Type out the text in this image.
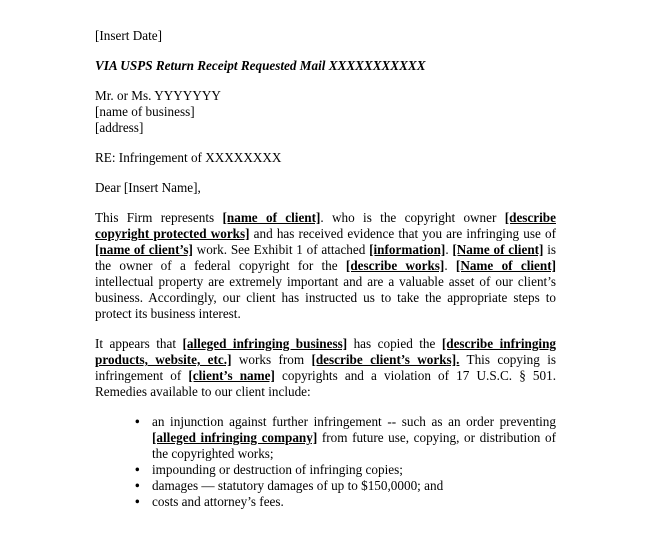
[Insert Date]
VIA USPS Return Receipt Requested Mail XXXXXXXXXXX
Mr. or Ms. YYYYYYY
[name of business]
[address]
RE: Infringement of XXXXXXXX
Dear [Insert Name],
This Firm represents [name of client]. who is the copyright owner [describe copyright protected works] and has received evidence that you are infringing use of [name of client’s] work. See Exhibit 1 of attached [information]. [Name of client] is the owner of a federal copyright for the [describe works]. [Name of client] intellectual property are extremely important and are a valuable asset of our client’s business. Accordingly, our client has instructed us to take the appropriate steps to protect its business interest.
It appears that [alleged infringing business] has copied the [describe infringing products, website, etc.] works from [describe client’s works]. This copying is infringement of [client’s name] copyrights and a violation of 17 U.S.C. § 501. Remedies available to our client include:
• an injunction against further infringement -- such as an order preventing [alleged infringing company] from future use, copying, or distribution of the copyrighted works;
• impounding or destruction of infringing copies;
• damages — statutory damages of up to $150,0000; and
• costs and attorney’s fees.
